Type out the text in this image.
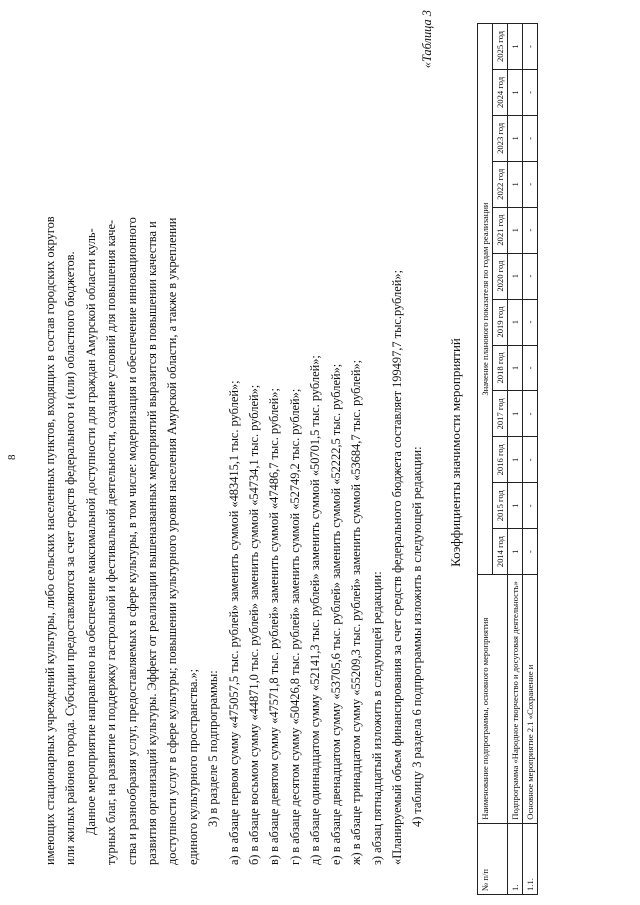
8 имеющих стационарных учреждений культуры, либо сельских населенных пунктов, входящих в состав городских округов или жилых районов города. Субсидии предоставляются за счет средств федерального и (или) областного бюджетов. Данное мероприятие направлено на обеспечение максимальной доступности для граждан Амурской области куль- турных благ, на развитие и поддержку гастрольной и фестивальной деятельности, создание условий для повышения каче- ства и разнообразия услуг, предоставляемых в сфере культуры, в том числе: модернизация и обеспечение инновационного развития организаций культуры. Эффект от реализации вышеназванных мероприятий выразится в повышении качества и доступности услуг в сфере культуры; повышении культурного уровня населения Амурской области, а также в укреплении единого культурного пространства.»; 3) в разделе 5 подпрограммы: а) в абзаце первом сумму «475057,5 тыс. рублей» заменить суммой «483415,1 тыс. рублей»; б) в абзаце восьмом сумму «44871,0 тыс. рублей» заменить суммой «54734,1 тыс. рублей»; в) в абзаце девятом сумму «47571,8 тыс. рублей» заменить суммой «47486,7 тыс. рублей»; г) в абзаце десятом сумму «50426,8 тыс. рублей» заменить суммой «52749,2 тыс. рублей»; д) в абзаце одиннадцатом сумму «52141,3 тыс. рублей» заменить суммой «50701,5 тыс. рублей»; е) в абзаце двенадцатом сумму «53705,6 тыс. рублей» заменить суммой «52222,5 тыс. рублей»; ж) в абзаце тринадцатом сумму «55209,3 тыс. рублей» заменить суммой «53684,7 тыс. рублей»; з) абзац пятнадцатый изложить в следующей редакции: «Планируемый объем финансирования за счет средств федерального бюджета составляет 199497,7 тыс.рублей»; 4) таблицу 3 раздела 6 подпрограммы изложить в следующей редакции:
«Таблица 3
Коэффициенты значимости мероприятий
№ п/п	Наименование подпрограммы, основного мероприятия	Значение планового показателя по годам реализации											
		2014 год	2015 год	2016 год	2017 год	2018 год	2019 год	2020 год	2021 год	2022 год	2023 год	2024 год	2025 год
1.	Подпрограмма «Народное творчество и досуговая деятельность»	1	1	1	1	1	1	1	1	1	1	1	1
1.1.	Основное мероприятие 2.1 «Сохранение и	-	-	-	-	-	-	-	-	-	-	-	-
